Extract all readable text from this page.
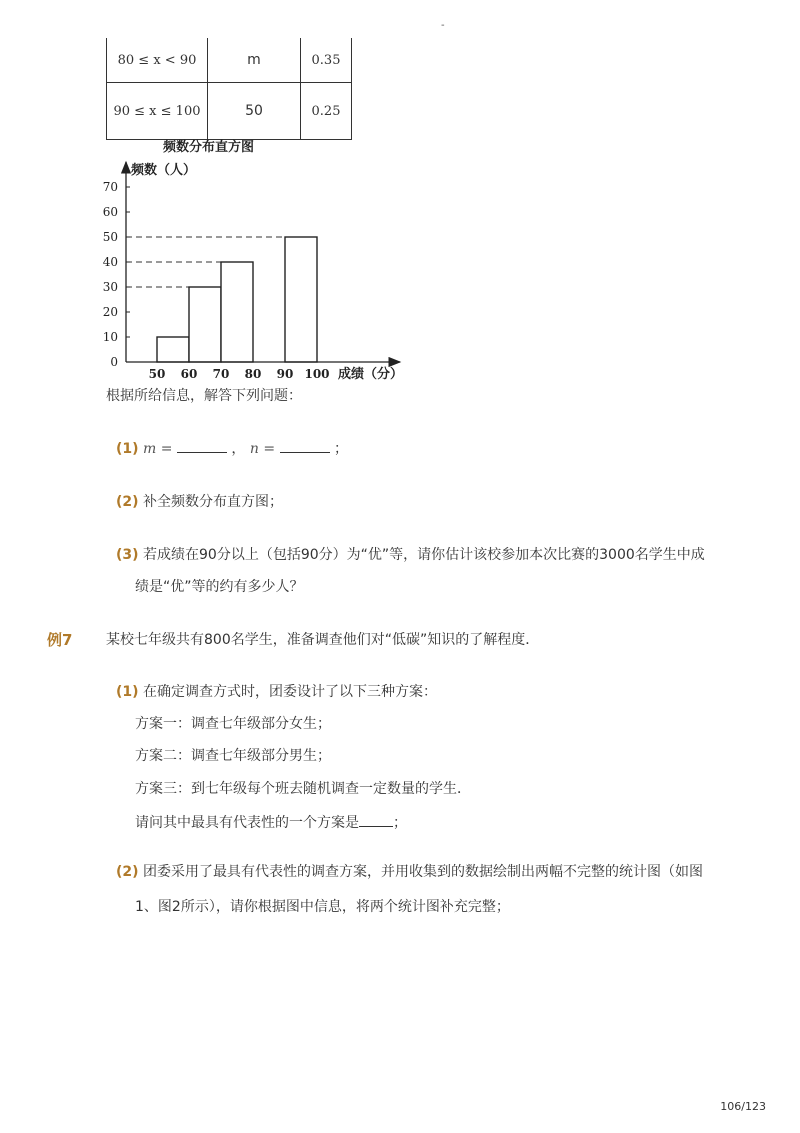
-
80 ≤ x < 90	m	0.35
90 ≤ x ≤ 100	50	0.25
频数分布直方图
0
10
20
30
40
50
60
70
50 60 70 80 90 100
频数（人）
成绩（分）
根据所给信息，解答下列问题：
(1) m =	， n =	；
(2) 补全频数分布直方图；
(3) 若成绩在90分以上（包括90分）为“优”等，请你估计该校参加本次比赛的3000名学生中成
绩是“优”等的约有多少人？
例7 某校七年级共有800名学生，准备调查他们对“低碳”知识的了解程度．
(1) 在确定调查方式时，团委设计了以下三种方案：
方案一：调查七年级部分女生；
方案二：调查七年级部分男生；
方案三：到七年级每个班去随机调查一定数量的学生．
请问其中最具有代表性的一个方案是 ；
(2) 团委采用了最具有代表性的调查方案，并用收集到的数据绘制出两幅不完整的统计图（如图
1、图2所示），请你根据图中信息，将两个统计图补充完整；
106/123
